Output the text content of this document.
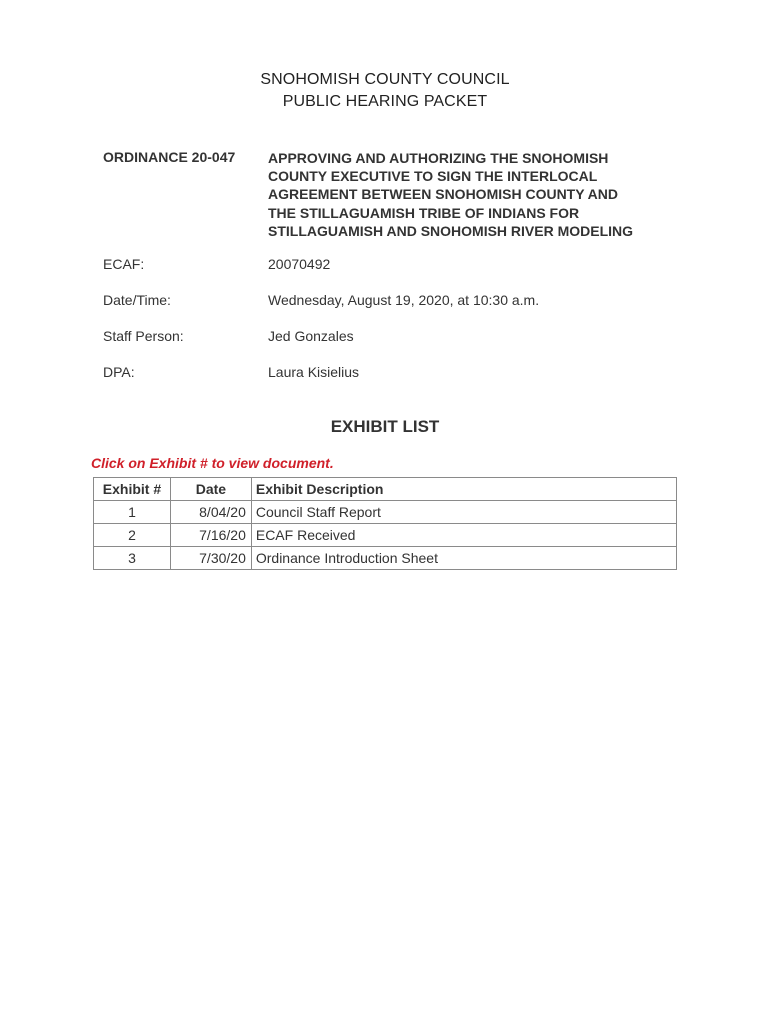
SNOHOMISH COUNTY COUNCIL
PUBLIC HEARING PACKET
ORDINANCE 20-047 APPROVING AND AUTHORIZING THE SNOHOMISH
COUNTY EXECUTIVE TO SIGN THE INTERLOCAL
AGREEMENT BETWEEN SNOHOMISH COUNTY AND
THE STILLAGUAMISH TRIBE OF INDIANS FOR
STILLAGUAMISH AND SNOHOMISH RIVER MODELING
ECAF:	20070492
Date/Time:	Wednesday, August 19, 2020, at 10:30 a.m.
Staff Person:	Jed Gonzales
DPA:	Laura Kisielius
EXHIBIT LIST
Click on Exhibit # to view document.
Exhibit #	Date	Exhibit Description
1	8/04/20	Council Staff Report
2	7/16/20	ECAF Received
3	7/30/20	Ordinance Introduction Sheet
